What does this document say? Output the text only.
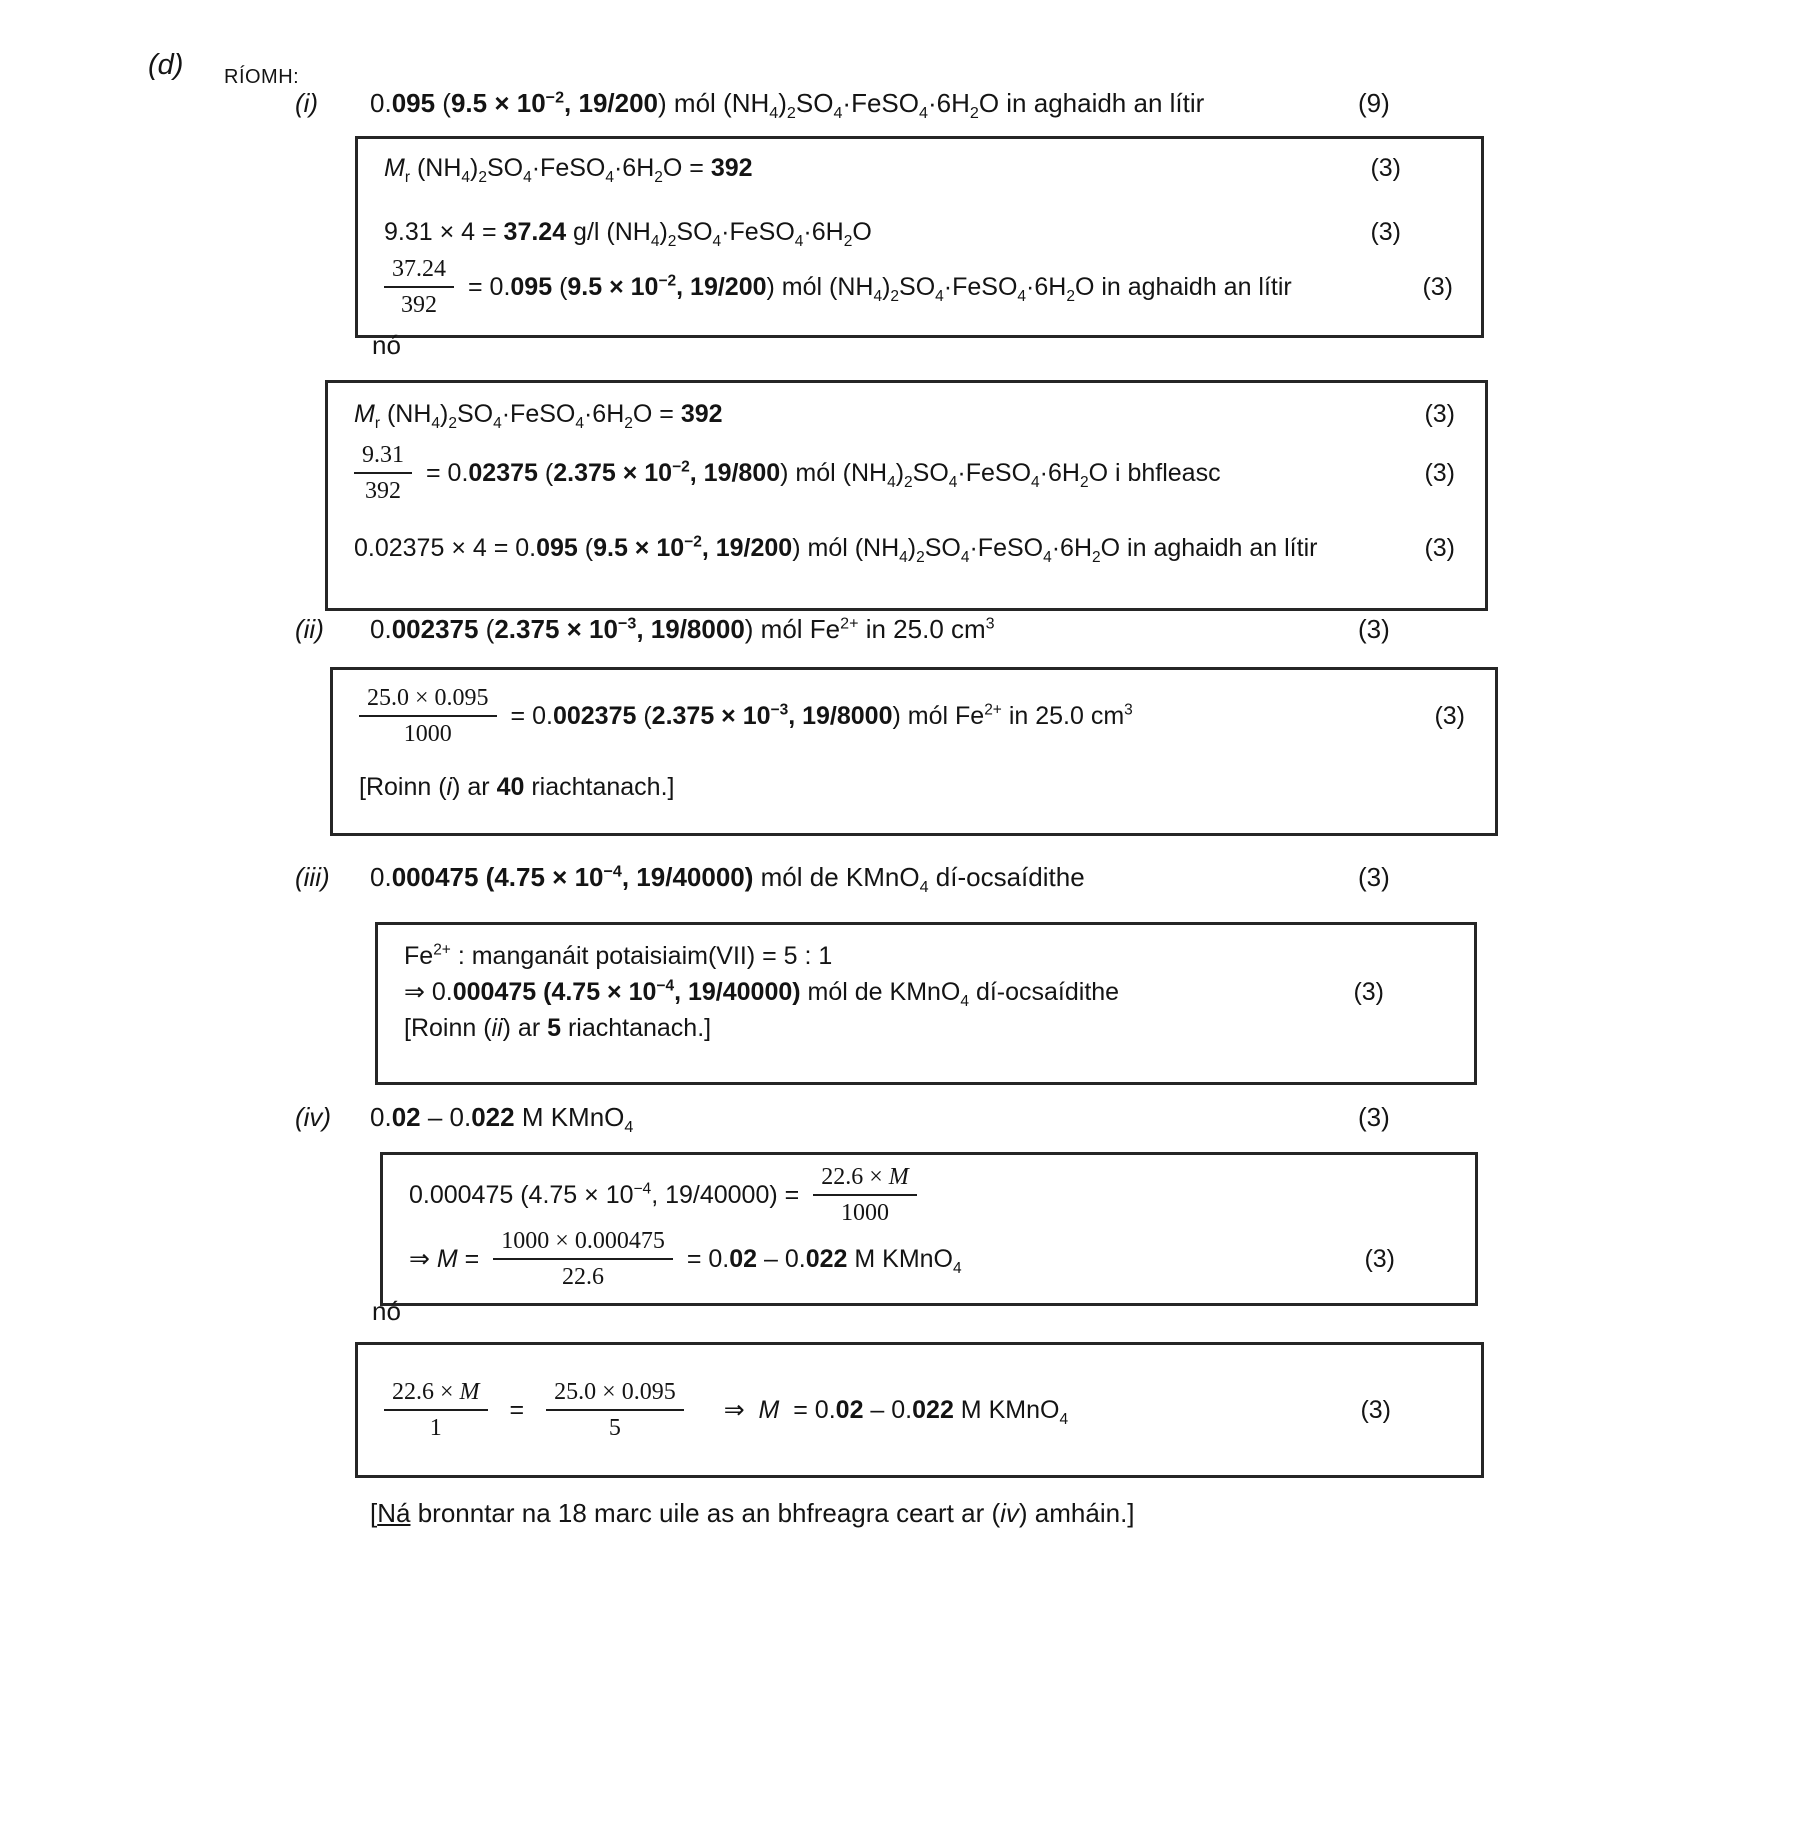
(d) RÍOMH:
(i) 0.095 ($9.5 \times 10^{-2}$, 19/200) mól $(NH_4)_2SO_4\cdot FeSO_4\cdot 6H_2O$ in aghaidh an lítir	(9)
$M_r$ $(NH_4)_2SO_4\cdot FeSO_4\cdot 6H_2O = 392$	(3)
9.31 × 4 = 37.24 g/l $(NH_4)_2SO_4\cdot FeSO_4\cdot 6H_2O$	(3)
$\frac{37.24}{392} = 0.095$ ($9.5 \times 10^{-2}$, 19/200) mól $(NH_4)_2SO_4\cdot FeSO_4\cdot 6H_2O$ in aghaidh an lítir	(3)
nó
$M_r$ $(NH_4)_2SO_4\cdot FeSO_4\cdot 6H_2O = 392$	(3)
$\frac{9.31}{392} = 0.02375$ ($2.375 \times 10^{-2}$, 19/800) mól $(NH_4)_2SO_4\cdot FeSO_4\cdot 6H_2O$ i bhfleasc	(3)
0.02375 × 4 = 0.095 ($9.5 \times 10^{-2}$, 19/200) mól $(NH_4)_2SO_4\cdot FeSO_4\cdot 6H_2O$ in aghaidh an lítir	(3)
(ii) 0.002375 ($2.375 \times 10^{-3}$, 19/8000) mól $Fe^{2+}$ in 25.0 $cm^3$	(3)
$\frac{25.0 \times 0.095}{1000} = 0.002375$ ($2.375 \times 10^{-3}$, 19/8000) mól $Fe^{2+}$ in 25.0 $cm^3$	(3)
[Roinn (i) ar 40 riachtanach.]
(iii) 0.000475 ($4.75 \times 10^{-4}$, 19/40000) mól de KMnO$_4$ dí-ocsaídithe	(3)
$Fe^{2+}$ : manganáit potaisiaim(VII) = 5 : 1
⇒ 0.000475 ($4.75 \times 10^{-4}$, 19/40000) mól de KMnO$_4$ dí-ocsaídithe	(3)
[Roinn (ii) ar 5 riachtanach.]
(iv) 0.02 – 0.022 M KMnO$_4$	(3)
0.000475 ($4.75 \times 10^{-4}$, $19/40000) = \frac{22.6 \times M}{1000}$
⇒ $M = \frac{1000 \times 0.000475}{22.6} = 0.02 - 0.022$ M KMnO$_4$	(3)
nó
$\frac{22.6 \times M}{1} = \frac{25.0 \times 0.095}{5}$ ⇒  M  = 0.02 – 0.022 M KMnO$_4$	(3)
[Ná bronntar na 18 marc uile as an bhfreagra ceart ar (iv) amháin.]
